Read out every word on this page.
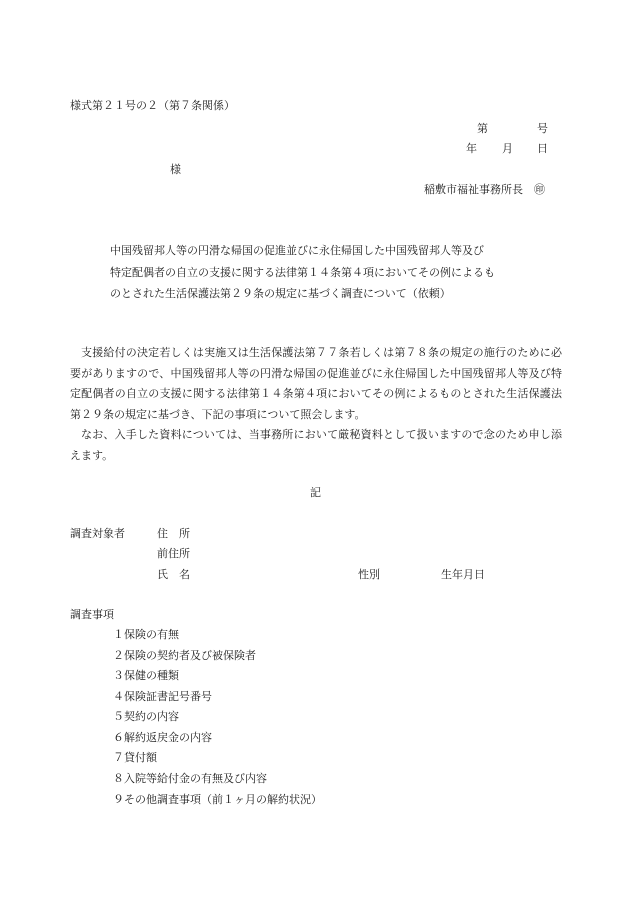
様式第２１号の２（第７条関係）
第	号
年 月 日
様
稲敷市福祉事務所長　㊞
中国残留邦人等の円滑な帰国の促進並びに永住帰国した中国残留邦人等及び
特定配偶者の自立の支援に関する法律第１４条第４項においてその例によるも
のとされた生活保護法第２９条の規定に基づく調査について（依頼）

支援給付の決定若しくは実施又は生活保護法第７７条若しくは第７８条の規定の施行のために必要がありますので、中国残留邦人等の円滑な帰国の促進並びに永住帰国した中国残留邦人等及び特定配偶者の自立の支援に関する法律第１４条第４項においてその例によるものとされた生活保護法第２９条の規定に基づき、下記の事項について照会します。

なお、入手した資料については、当事務所において厳秘資料として扱いますので念のため申し添えます。

記
調査対象者	住　所
前住所
氏　名	性別	生年月日
調査事項
１保険の有無
２保険の契約者及び被保険者
３保健の種類
４保険証書記号番号
５契約の内容
６解約返戻金の内容
７貸付額
８入院等給付金の有無及び内容
９その他調査事項（前１ヶ月の解約状況）
